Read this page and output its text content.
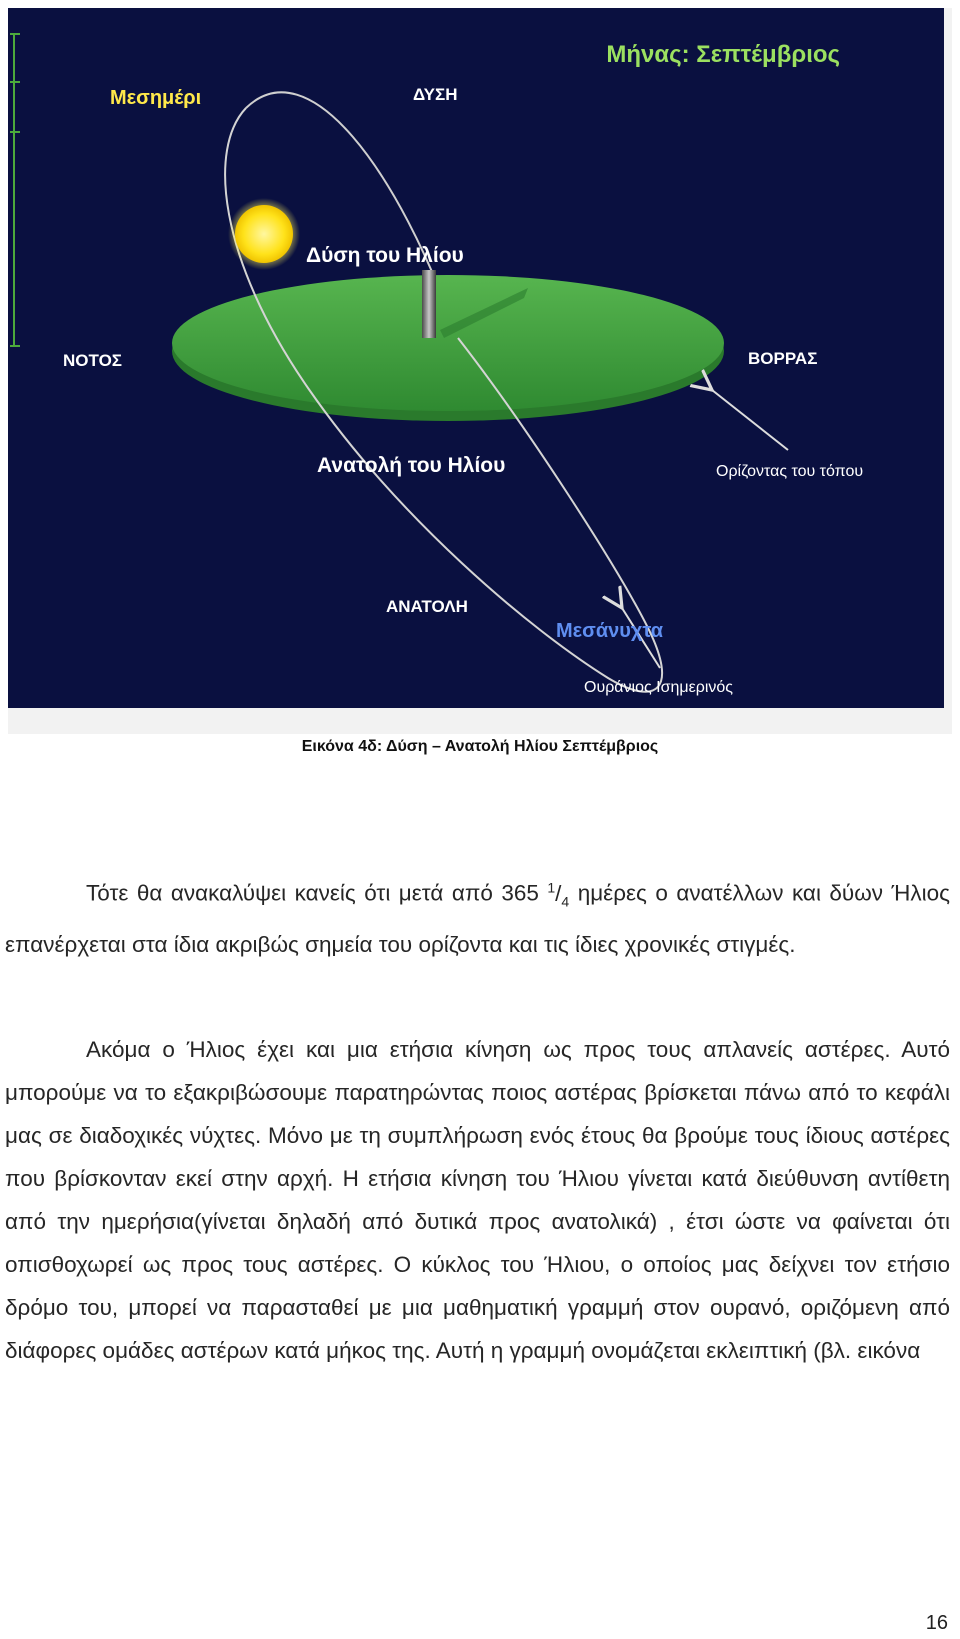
Μήνας: Σεπτέμβριος
Μεσημέρι	ΔΥΣΗ
Δύση του Ηλίου
ΝΟΤΟΣ	ΒΟΡΡΑΣ
Ανατολή του Ηλίου	Ορίζοντας του τόπου
ΑΝΑΤΟΛΗ
Μεσάνυχτα
Ουράνιος Ισημερινός
Εικόνα 4δ: Δύση – Ανατολή Ηλίου Σεπτέμβριος

Τότε θα ανακαλύψει κανείς ότι μετά από 365 $^1/_4$ ημέρες ο ανατέλλων και δύων Ήλιος επανέρχεται στα ίδια ακριβώς σημεία του ορίζοντα και τις ίδιες χρονικές στιγμές.

Ακόμα ο Ήλιος έχει και μια ετήσια κίνηση ως προς τους απλανείς αστέρες. Αυτό μπορούμε να το εξακριβώσουμε παρατηρώντας ποιος αστέρας βρίσκεται πάνω από το κεφάλι μας σε διαδοχικές νύχτες. Μόνο με τη συμπλήρωση ενός έτους θα βρούμε τους ίδιους αστέρες που βρίσκονταν εκεί στην αρχή. Η ετήσια κίνηση του Ήλιου γίνεται κατά διεύθυνση αντίθετη από την ημερήσια(γίνεται δηλαδή από δυτικά προς ανατολικά) , έτσι ώστε να φαίνεται ότι οπισθοχωρεί ως προς τους αστέρες. Ο κύκλος του Ήλιου, ο οποίος μας δείχνει τον ετήσιο δρόμο του, μπορεί να παρασταθεί με μια μαθηματική γραμμή στον ουρανό, οριζόμενη από διάφορες ομάδες αστέρων κατά μήκος της. Αυτή η γραμμή ονομάζεται εκλειπτική (βλ. εικόνα

16
